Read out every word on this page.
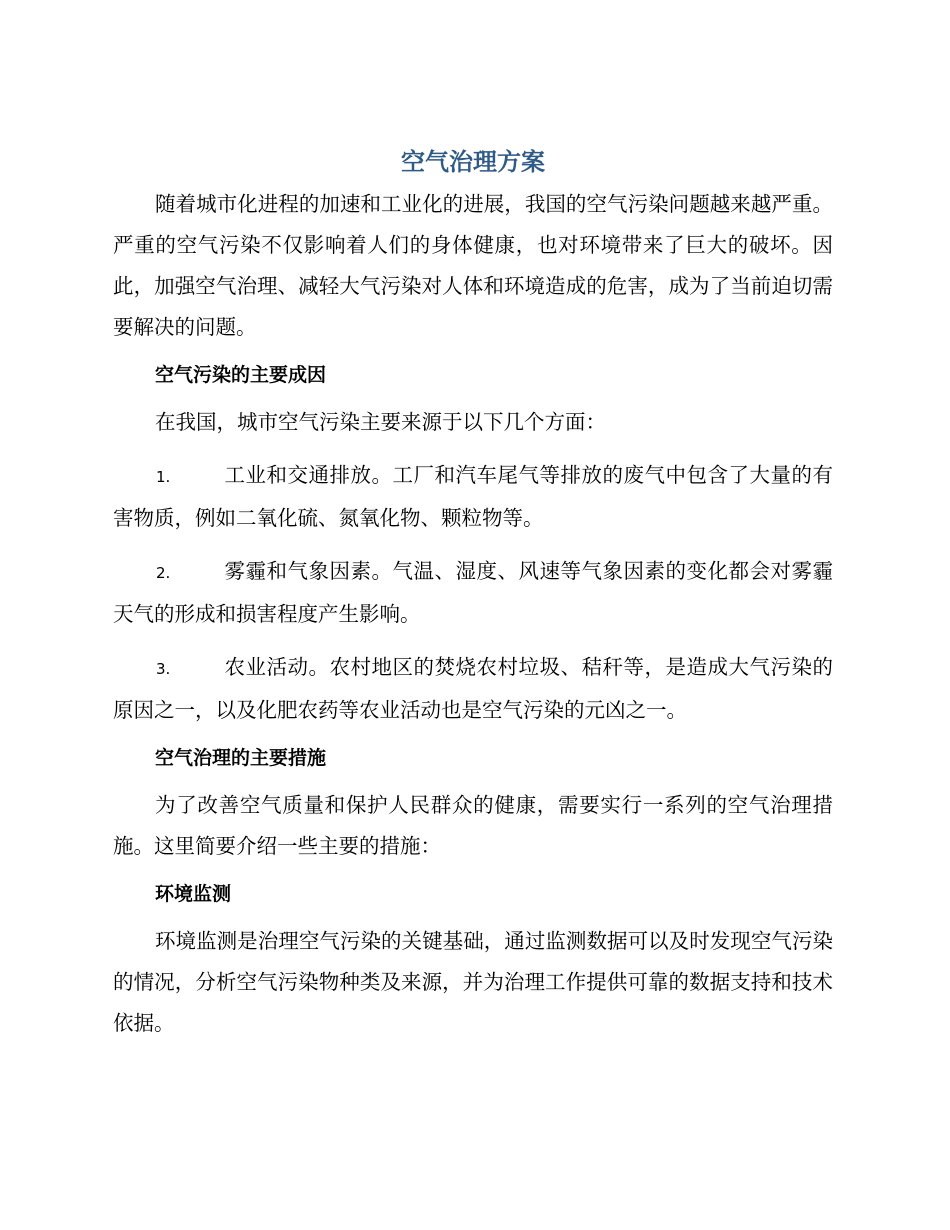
空气治理方案

随着城市化进程的加速和工业化的进展，我国的空气污染问题越来越严重。严重的空气污染不仅影响着人们的身体健康，也对环境带来了巨大的破坏。因此，加强空气治理、减轻大气污染对人体和环境造成的危害，成为了当前迫切需要解决的问题。

空气污染的主要成因

在我国，城市空气污染主要来源于以下几个方面：

1.	工业和交通排放。工厂和汽车尾气等排放的废气中包含了大量的有害物质，例如二氧化硫、氮氧化物、颗粒物等。

2.	雾霾和气象因素。气温、湿度、风速等气象因素的变化都会对雾霾天气的形成和损害程度产生影响。

3.	农业活动。农村地区的焚烧农村垃圾、秸秆等，是造成大气污染的原因之一，以及化肥农药等农业活动也是空气污染的元凶之一。

空气治理的主要措施

为了改善空气质量和保护人民群众的健康，需要实行一系列的空气治理措施。这里简要介绍一些主要的措施：

环境监测

环境监测是治理空气污染的关键基础，通过监测数据可以及时发现空气污染的情况，分析空气污染物种类及来源，并为治理工作提供可靠的数据支持和技术依据。
